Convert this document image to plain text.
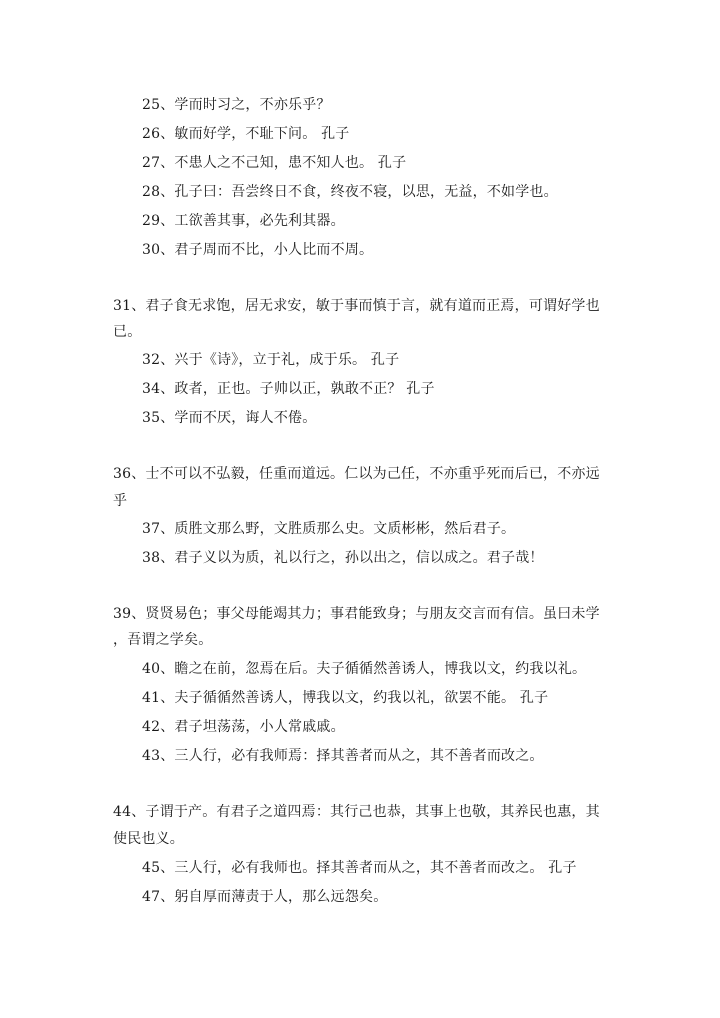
25、学而时习之，不亦乐乎？
26、敏而好学，不耻下问。 孔子
27、不患人之不己知，患不知人也。 孔子
28、孔子曰：吾尝终日不食，终夜不寝，以思，无益，不如学也。
29、工欲善其事，必先利其器。
30、君子周而不比，小人比而不周。
31、君子食无求饱，居无求安，敏于事而慎于言，就有道而正焉，可谓好学也
已。
32、兴于《诗》，立于礼，成于乐。 孔子
34、政者，正也。子帅以正，孰敢不正？ 孔子
35、学而不厌，诲人不倦。
36、士不可以不弘毅，任重而道远。仁以为己任，不亦重乎死而后已，不亦远
乎
37、质胜文那么野，文胜质那么史。文质彬彬，然后君子。
38、君子义以为质，礼以行之，孙以出之，信以成之。君子哉！
39、贤贤易色；事父母能竭其力；事君能致身；与朋友交言而有信。虽曰未学
，吾谓之学矣。
40、瞻之在前，忽焉在后。夫子循循然善诱人，博我以文，约我以礼。
41、夫子循循然善诱人，博我以文，约我以礼，欲罢不能。 孔子
42、君子坦荡荡，小人常戚戚。
43、三人行，必有我师焉：择其善者而从之，其不善者而改之。
44、子谓于产。有君子之道四焉：其行己也恭，其事上也敬，其养民也惠，其
使民也义。
45、三人行，必有我师也。择其善者而从之，其不善者而改之。 孔子
47、躬自厚而薄责于人，那么远怨矣。
